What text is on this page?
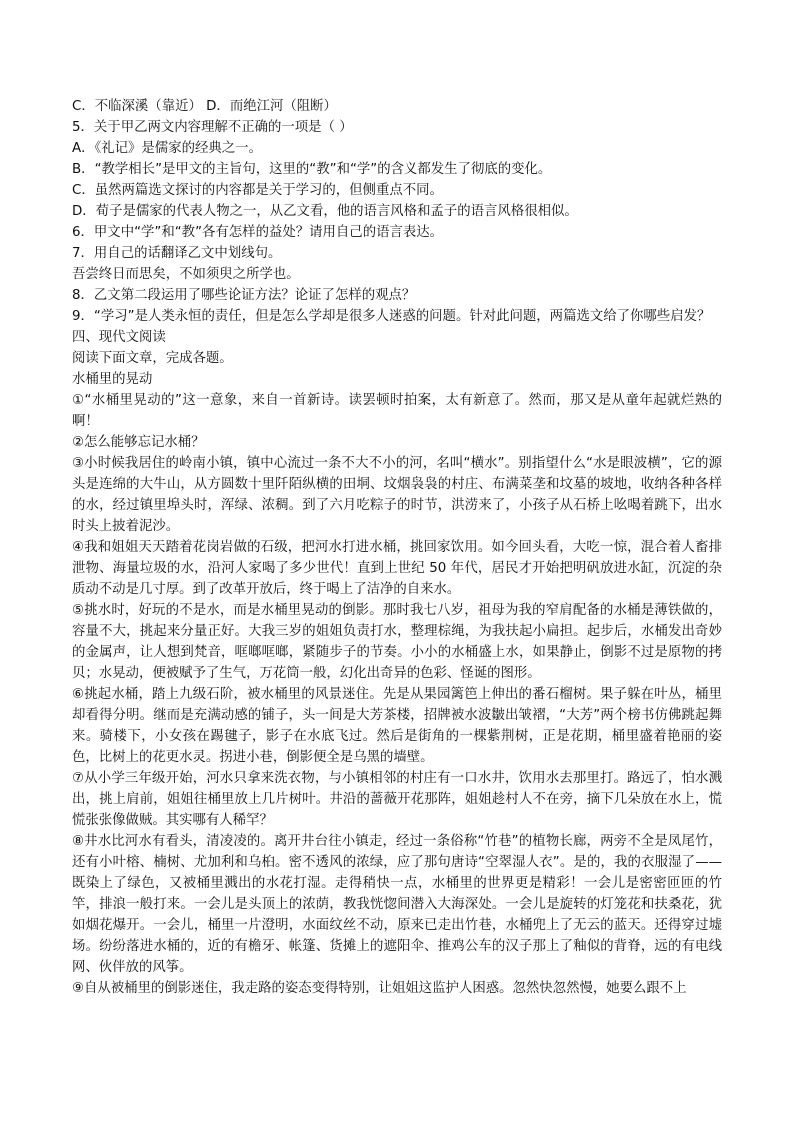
C．不临深溪（靠近） D．而绝江河（阻断）
5．关于甲乙两文内容理解不正确的一项是（ ）
A．《礼记》是儒家的经典之一。
B．“教学相长”是甲文的主旨句，这里的“教”和“学”的含义都发生了彻底的变化。
C．虽然两篇选文探讨的内容都是关于学习的，但侧重点不同。
D．荀子是儒家的代表人物之一，从乙文看，他的语言风格和孟子的语言风格很相似。
6．甲文中“学”和“教”各有怎样的益处？请用自己的语言表达。
7．用自己的话翻译乙文中划线句。
吾尝终日而思矣，不如须臾之所学也。
8．乙文第二段运用了哪些论证方法？论证了怎样的观点？
9．“学习”是人类永恒的责任，但是怎么学却是很多人迷惑的问题。针对此问题，两篇选文给了你哪些启发？
四、现代文阅读
阅读下面文章，完成各题。
水桶里的晃动
①“水桶里晃动的”这一意象，来自一首新诗。读罢顿时拍案，太有新意了。然而，那又是从童年起就烂熟的啊！
②怎么能够忘记水桶？
③小时候我居住的岭南小镇，镇中心流过一条不大不小的河，名叫“横水”。别指望什么“水是眼波横”，它的源头是连绵的大牛山，从方圆数十里阡陌纵横的田垌、坟烟袅袅的村庄、布满菜垄和坟墓的坡地，收纳各种各样的水，经过镇里埠头时，浑绿、浓稠。到了六月吃粽子的时节，洪涝来了，小孩子从石桥上吆喝着跳下，出水时头上披着泥沙。
④我和姐姐天天踏着花岗岩做的石级，把河水打进水桶，挑回家饮用。如今回头看，大吃一惊，混合着人畜排泄物、海量垃圾的水，沿河人家喝了多少世代！直到上世纪 50 年代，居民才开始把明矾放进水缸，沉淀的杂质动不动是几寸厚。到了改革开放后，终于喝上了洁净的自来水。
⑤挑水时，好玩的不是水，而是水桶里晃动的倒影。那时我七八岁，祖母为我的窄肩配备的水桶是薄铁做的，容量不大，挑起来分量正好。大我三岁的姐姐负责打水，整理棕绳，为我扶起小扁担。起步后，水桶发出奇妙的金属声，让人想到梵音，哐啷哐啷，紧随步子的节奏。小小的水桶盛上水，如果静止，倒影不过是原物的拷贝；水晃动，便被赋予了生气，万花筒一般，幻化出奇异的色彩、怪诞的图形。
⑥挑起水桶，踏上九级石阶，被水桶里的风景迷住。先是从果园篱笆上伸出的番石榴树。果子躲在叶丛，桶里却看得分明。继而是充满动感的铺子，头一间是大芳茶楼，招牌被水波皺出皱褶，“大芳”两个榜书仿佛跳起舞来。骑楼下，小女孩在踢毽子，影子在水底飞过。然后是街角的一棵紫荆树，正是花期，桶里盛着艳丽的姿色，比树上的花更水灵。拐进小巷，倒影便全是乌黑的墙壁。
⑦从小学三年级开始，河水只拿来洗衣物，与小镇相邻的村庄有一口水井，饮用水去那里打。路远了，怕水溅出，挑上肩前，姐姐往桶里放上几片树叶。井沿的蔷薇开花那阵，姐姐趁村人不在旁，摘下几朵放在水上，慌慌张张像做贼。其实哪有人稀罕？
⑧井水比河水有看头，清凌凌的。离开井台往小镇走，经过一条俗称“竹巷”的植物长廊，两旁不全是凤尾竹，还有小叶榕、楠树、尤加利和乌桕。密不透风的浓绿，应了那句唐诗“空翠湿人衣”。是的，我的衣服湿了——既染上了绿色，又被桶里溅出的水花打湿。走得稍快一点，水桶里的世界更是精彩！一会儿是密密匝匝的竹竿，排浪一般打来。一会儿是头顶上的浓荫，教我恍惚间潜入大海深处。一会儿是旋转的灯笼花和扶桑花，犹如烟花爆开。一会儿，桶里一片澄明，水面纹丝不动，原来已走出竹巷，水桶兜上了无云的蓝天。还得穿过墟场。纷纷落进水桶的，近的有檐牙、帐篷、货摊上的遮阳伞、推鸡公车的汉子那上了釉似的背脊，远的有电线网、伙伴放的风筝。
⑨自从被桶里的倒影迷住，我走路的姿态变得特别，让姐姐这监护人困惑。忽然快忽然慢，她要么跟不上
